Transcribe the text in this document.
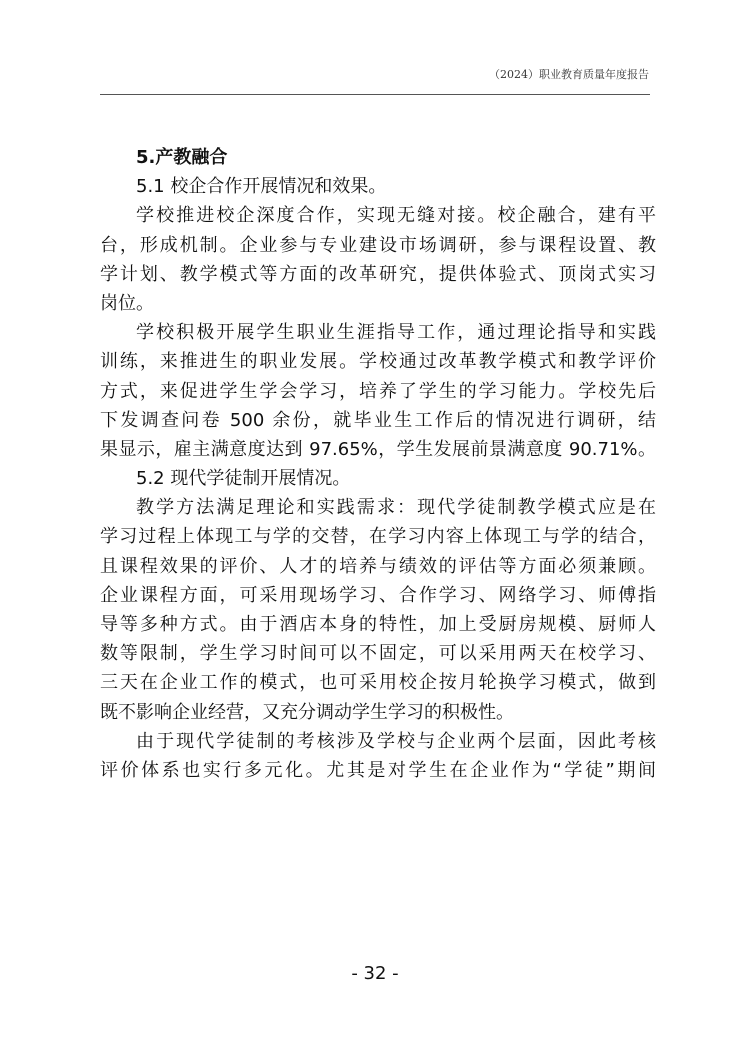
（2024）职业教育质量年度报告
5.产教融合
5.1 校企合作开展情况和效果。
学校推进校企深度合作，实现无缝对接。校企融合，建有平
台，形成机制。企业参与专业建设市场调研，参与课程设置、教
学计划、教学模式等方面的改革研究，提供体验式、顶岗式实习
岗位。
学校积极开展学生职业生涯指导工作，通过理论指导和实践
训练，来推进生的职业发展。学校通过改革教学模式和教学评价
方式，来促进学生学会学习，培养了学生的学习能力。学校先后
下发调查问卷 500 余份，就毕业生工作后的情况进行调研，结
果显示，雇主满意度达到 97.65%，学生发展前景满意度 90.71%。
5.2 现代学徒制开展情况。
教学方法满足理论和实践需求：现代学徒制教学模式应是在
学习过程上体现工与学的交替，在学习内容上体现工与学的结合，
且课程效果的评价、人才的培养与绩效的评估等方面必须兼顾。
企业课程方面，可采用现场学习、合作学习、网络学习、师傅指
导等多种方式。由于酒店本身的特性，加上受厨房规模、厨师人
数等限制，学生学习时间可以不固定，可以采用两天在校学习、
三天在企业工作的模式，也可采用校企按月轮换学习模式，做到
既不影响企业经营，又充分调动学生学习的积极性。
由于现代学徒制的考核涉及学校与企业两个层面，因此考核
评价体系也实行多元化。尤其是对学生在企业作为“学徒”期间
- 32 -
